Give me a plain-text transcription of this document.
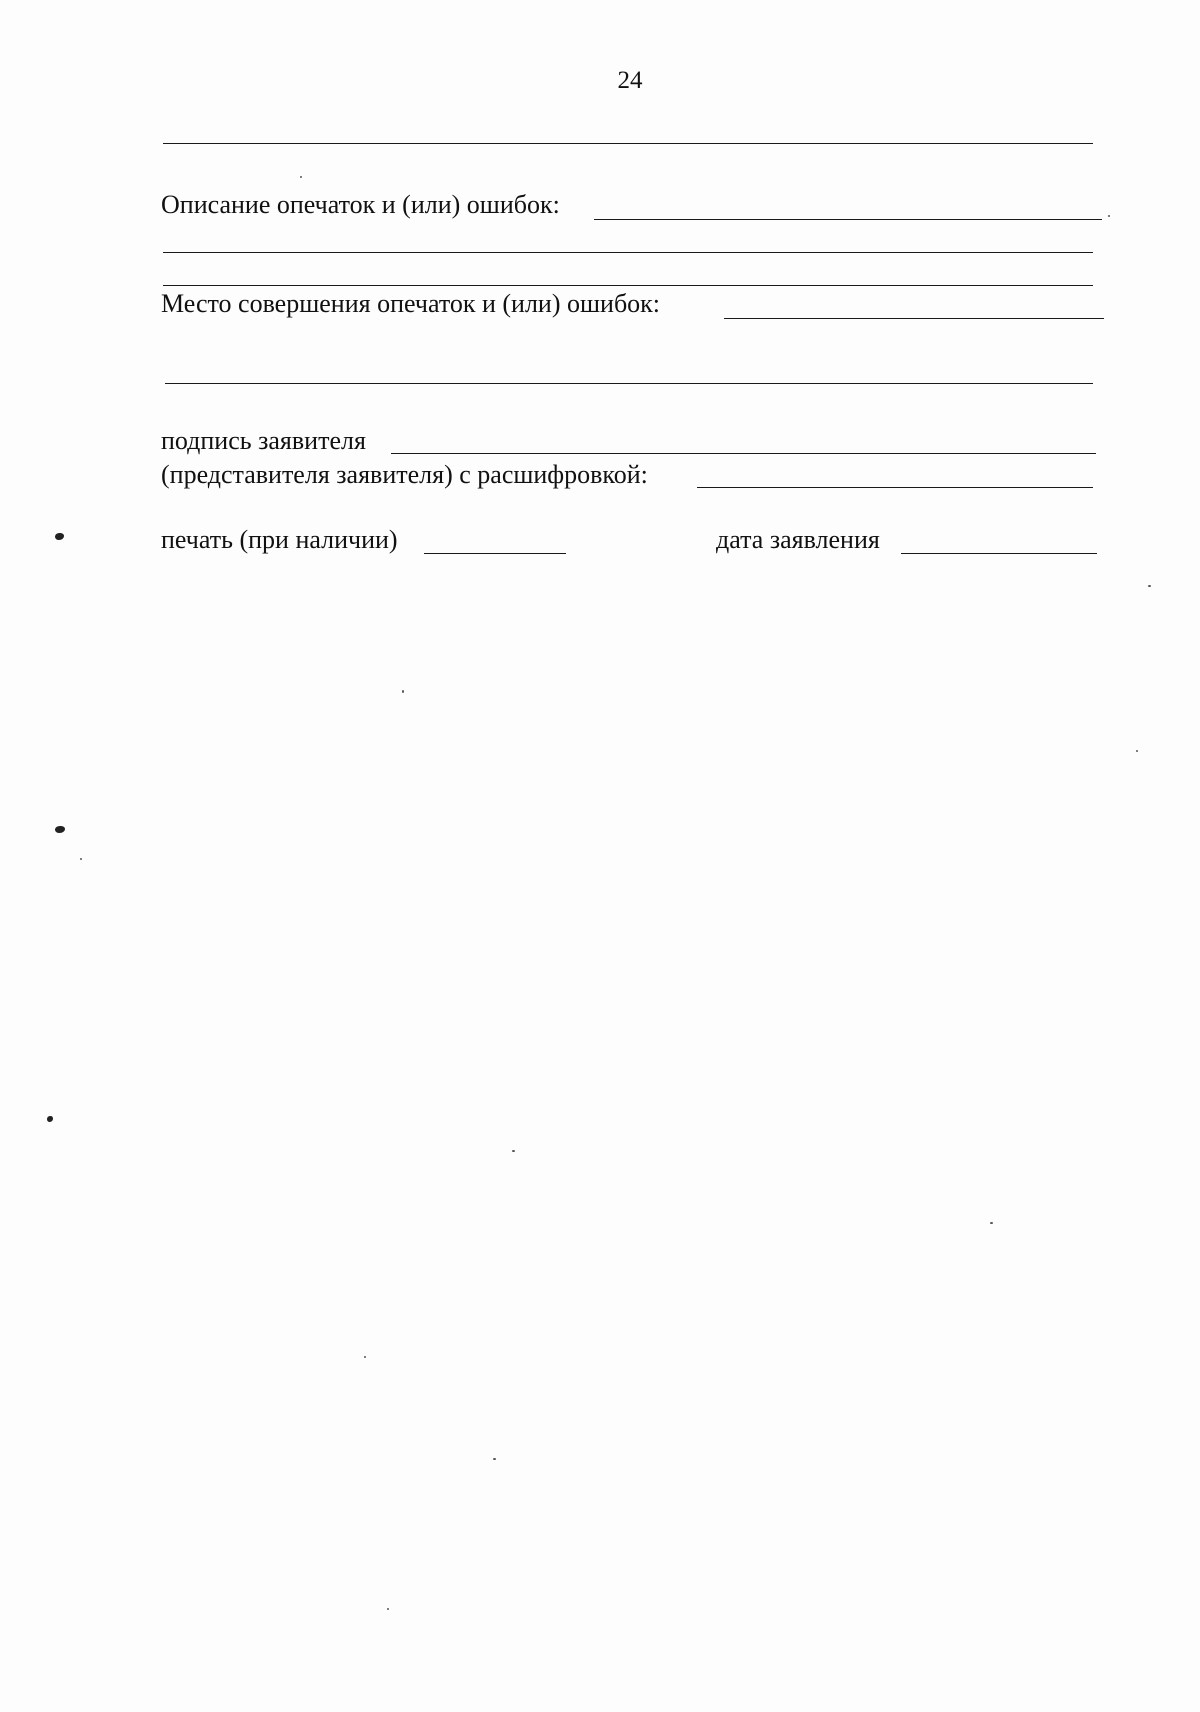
24
Описание опечаток и (или) ошибок:
Место совершения опечаток и (или) ошибок:
подпись заявителя
(представителя заявителя) с расшифровкой:
печать (при наличии)	дата заявления
